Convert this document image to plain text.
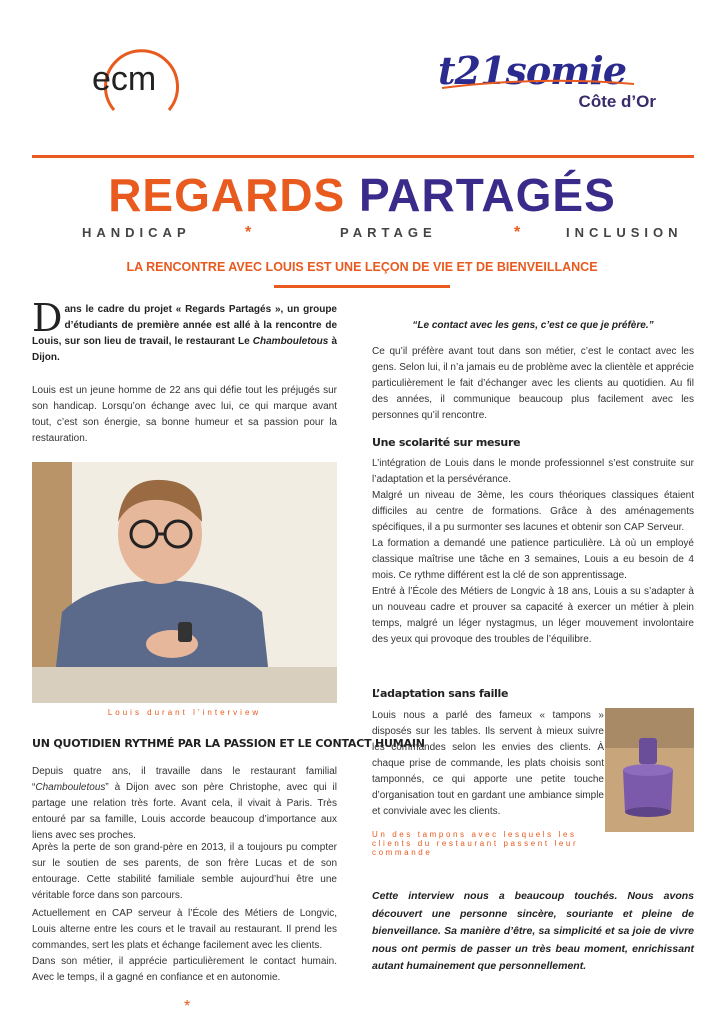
ecm	t21somie
Côte d’Or
REGARDS PARTAGÉS
HANDICAP	*	PARTAGE	*	INCLUSION
LA RENCONTRE AVEC LOUIS EST UNE LEÇON DE VIE ET DE BIENVEILLANCE
Dans le cadre du projet « Regards Partagés », un groupe d’étudiants de première année est allé à la rencontre de Louis, sur son lieu de travail, le restaurant Le Chambouletous à Dijon.
Louis est un jeune homme de 22 ans qui défie tout les préjugés sur son handicap. Lorsqu’on échange avec lui, ce qui marque avant tout, c’est son énergie, sa bonne humeur et sa passion pour la restauration.
Louis durant l’interview
UN QUOTIDIEN RYTHMÉ PAR LA PASSION ET LE CONTACT HUMAIN
Depuis quatre ans, il travaille dans le restaurant familial “Chambouletous” à Dijon avec son père Christophe, avec qui il partage une relation très forte. Avant cela, il vivait à Paris. Très entouré par sa famille, Louis accorde beaucoup d’importance aux liens avec ses proches.
Après la perte de son grand-père en 2013, il a toujours pu compter sur le soutien de ses parents, de son frère Lucas et de son entourage. Cette stabilité familiale semble aujourd’hui être une véritable force dans son parcours.
Actuellement en CAP serveur à l’École des Métiers de Longvic, Louis alterne entre les cours et le travail au restaurant. Il prend les commandes, sert les plats et échange facilement avec les clients.
Dans son métier, il apprécie particulièrement le contact humain. Avec le temps, il a gagné en confiance et en autonomie.
*
“Le contact avec les gens, c’est ce que je préfère.”
Ce qu’il préfère avant tout dans son métier, c’est le contact avec les gens. Selon lui, il n’a jamais eu de problème avec la clientèle et apprécie particulièrement le fait d’échanger avec les clients au quotidien. Au fil des années, il communique beaucoup plus facilement avec les personnes qu’il rencontre.
Une scolarité sur mesure
L’intégration de Louis dans le monde professionnel s’est construite sur l’adaptation et la persévérance.
Malgré un niveau de 3ème, les cours théoriques classiques étaient difficiles au centre de formations. Grâce à des aménagements spécifiques, il a pu surmonter ses lacunes et obtenir son CAP Serveur.
La formation a demandé une patience particulière. Là où un employé classique maîtrise une tâche en 3 semaines, Louis a eu besoin de 4 mois. Ce rythme différent est la clé de son apprentissage.
Entré à l’École des Métiers de Longvic à 18 ans, Louis a su s’adapter à un nouveau cadre et prouver sa capacité à exercer un métier à plein temps, malgré un léger nystagmus, un léger mouvement involontaire des yeux qui provoque des troubles de l’équilibre.
L’adaptation sans faille
Louis nous a parlé des fameux « tampons » disposés sur les tables. Ils servent à mieux suivre les commandes selon les envies des clients. À chaque prise de commande, les plats choisis sont tamponnés, ce qui apporte une petite touche d’organisation tout en gardant une ambiance simple et conviviale avec les clients.
Un des tampons avec lesquels les clients du restaurant passent leur commande
Cette interview nous a beaucoup touchés. Nous avons découvert une personne sincère, souriante et pleine de bienveillance. Sa manière d’être, sa simplicité et sa joie de vivre nous ont permis de passer un très beau moment, enrichissant autant humainement que personnellement.
